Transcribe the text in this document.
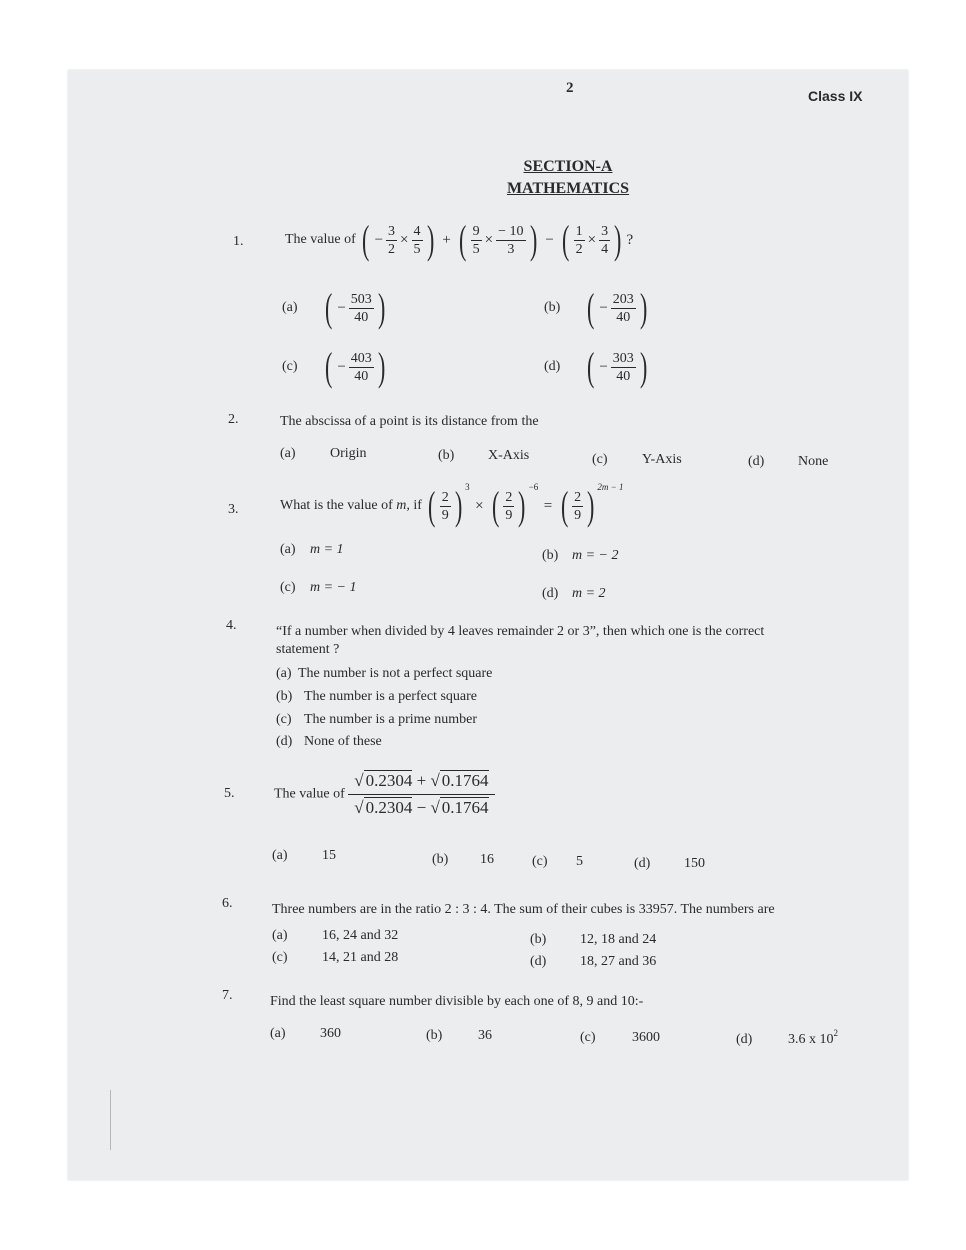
2	Class IX
SECTION-A
MATHEMATICS
1.	The value of ( − $\frac{3}{2} \times \frac{4}{5}$ ) + ( $\frac{9}{5} \times \frac{- 10}{3}$ ) − ( $\frac{1}{2} \times \frac{3}{4}$ ) ?
(a) ( − $\frac{503}{40}$ )	(b) ( − $\frac{203}{40}$ )
(c) ( − $\frac{403}{40}$ )	(d) ( − $\frac{303}{40}$ )
2.	The abscissa of a point is its distance from the
(a) Origin	(b) X-Axis	(c) Y-Axis	(d) None
3.	What is the value of m, if ( $\frac{2}{9}$ ) $^3$ × ( $\frac{2}{9}$ ) $^{-6}$ = ( $\frac{2}{9}$ ) $^{2m - 1}$
(a) m = 1	(b) m = − 2
(c) m = − 1	(d) m = 2
4.	“If a number when divided by 4 leaves remainder 2 or 3”, then which one is the correct
statement ?
(a) The number is not a perfect square
(b) The number is a perfect square
(c) The number is a prime number
(d) None of these
5.	The value of $\frac{√ 0.2304 + √ 0.1764}{√ 0.2304 - √ 0.1764}$
(a) 15	(b) 16	(c) 5	(d) 150
6.	Three numbers are in the ratio 2 : 3 : 4. The sum of their cubes is 33957. The numbers are
(a) 16, 24 and 32	(b) 12, 18 and 24
(c) 14, 21 and 28	(d) 18, 27 and 36
7.	Find the least square number divisible by each one of 8, 9 and 10:-
(a) 360	(b)	36	(c)	3600	(d)	3.6 x $10^2$
